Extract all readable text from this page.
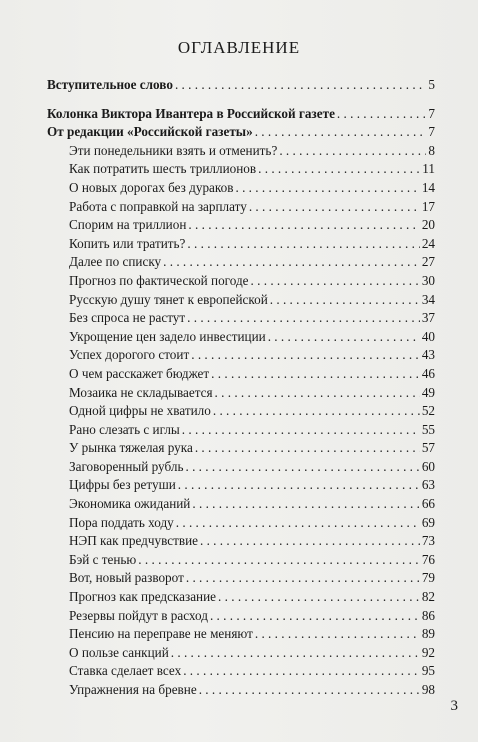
ОГЛАВЛЕНИЕ
Вступительное слово . . .	5
Колонка Виктора Ивантера в Российской газете . . .	7
От редакции «Российской газеты» . . .	7
Эти понедельники взять и отменить? . . .	8
Как потратить шесть триллионов . . .	11
О новых дорогах без дураков . . .	14
Работа с поправкой на зарплату . . .	17
Спорим на триллион . . .	20
Копить или тратить? . . .	24
Далее по списку . . .	27
Прогноз по фактической погоде . . .	30
Русскую душу тянет к европейской . . .	34
Без спроса не растут . . .	37
Укрощение цен задело инвестиции . . .	40
Успех дорогого стоит . . .	43
О чем расскажет бюджет . . .	46
Мозаика не складывается . . .	49
Одной цифры не хватило . . .	52
Рано слезать с иглы . . .	55
У рынка тяжелая рука . . .	57
Заговоренный рубль . . .	60
Цифры без ретуши . . .	63
Экономика ожиданий . . .	66
Пора поддать ходу . . .	69
НЭП как предчувствие . . .	73
Бэй с тенью . . .	76
Вот, новый разворот . . .	79
Прогноз как предсказание . . .	82
Резервы пойдут в расход . . .	86
Пенсию на переправе не меняют . . .	89
О пользе санкций . . .	92
Ставка сделает всех . . .	95
Упражнения на бревне . . .	98
3
